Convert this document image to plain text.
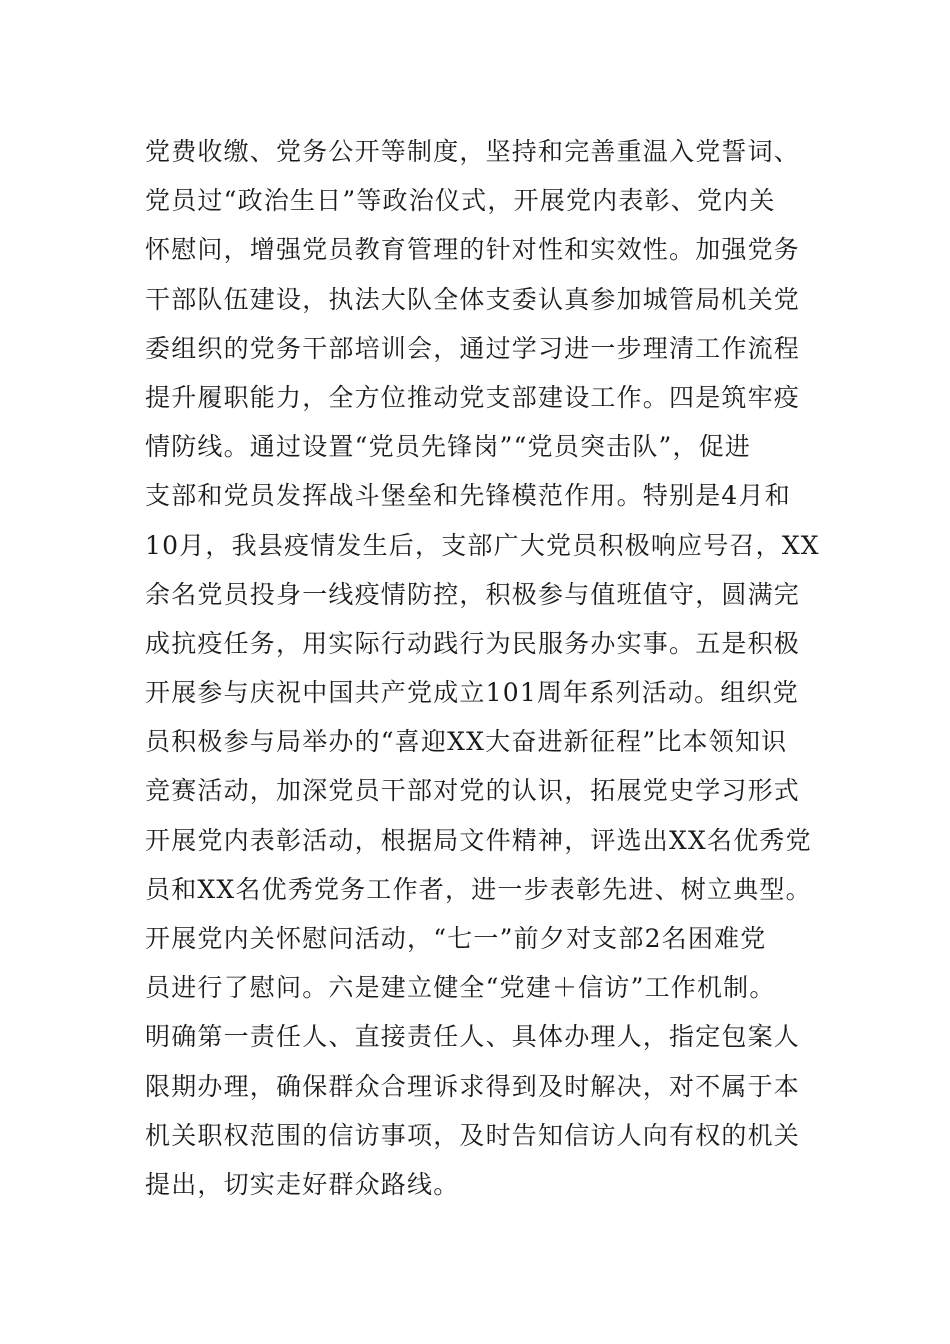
党费收缴、党务公开等制度，坚持和完善重温入党誓词、
党员过“政治生日”等政治仪式，开展党内表彰、党内关
怀慰问，增强党员教育管理的针对性和实效性。加强党务
干部队伍建设，执法大队全体支委认真参加城管局机关党
委组织的党务干部培训会，通过学习进一步理清工作流程
提升履职能力，全方位推动党支部建设工作。四是筑牢疫
情防线。通过设置“党员先锋岗”“党员突击队”，促进
支部和党员发挥战斗堡垒和先锋模范作用。特别是4月和
10月，我县疫情发生后，支部广大党员积极响应号召，XX
余名党员投身一线疫情防控，积极参与值班值守，圆满完
成抗疫任务，用实际行动践行为民服务办实事。五是积极
开展参与庆祝中国共产党成立101周年系列活动。组织党
员积极参与局举办的“喜迎XX大奋进新征程”比本领知识
竞赛活动，加深党员干部对党的认识，拓展党史学习形式
开展党内表彰活动，根据局文件精神，评选出XX名优秀党
员和XX名优秀党务工作者，进一步表彰先进、树立典型。
开展党内关怀慰问活动，“七一”前夕对支部2名困难党
员进行了慰问。六是建立健全“党建＋信访”工作机制。
明确第一责任人、直接责任人、具体办理人，指定包案人
限期办理，确保群众合理诉求得到及时解决，对不属于本
机关职权范围的信访事项，及时告知信访人向有权的机关
提出，切实走好群众路线。
